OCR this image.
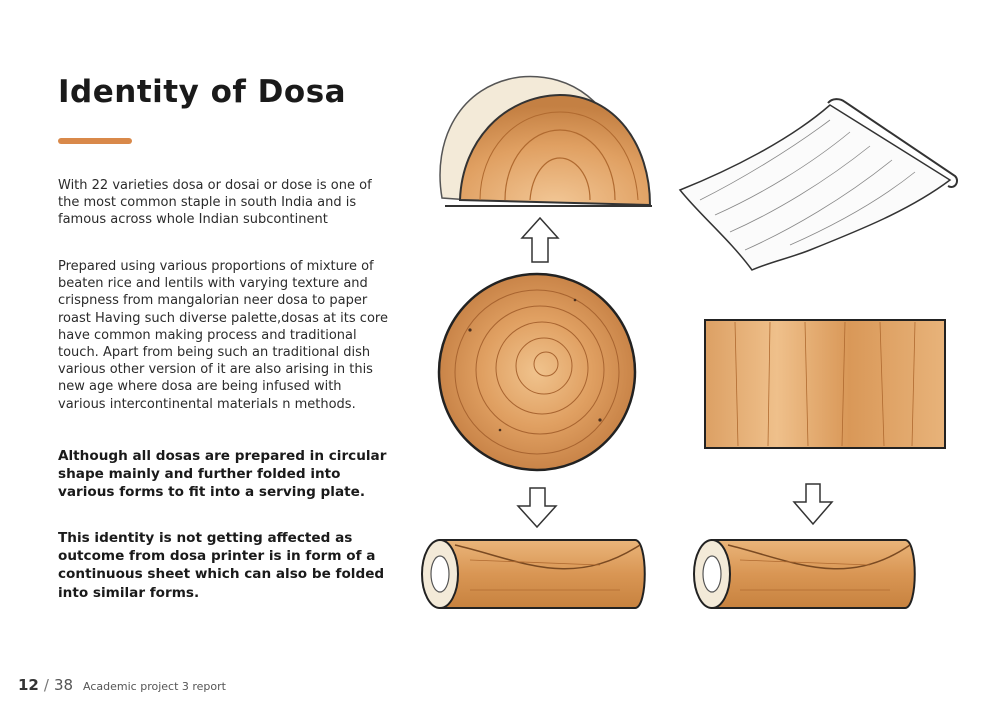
Identity of Dosa

With 22 varieties dosa or dosai or dose is one of the most common staple in south India and is famous across whole Indian subcontinent

Prepared using various proportions of mixture of beaten rice and lentils with varying texture and crispness from mangalorian neer dosa to paper roast Having such diverse palette,dosas at its core have common making process and traditional touch. Apart from being such an traditional dish various other version of it are also arising in this new age where dosa are being infused with various intercontinental materials n methods.

Although all dosas are prepared in circular shape mainly and further folded into various forms to fit into a serving plate.

This identity is not getting affected as outcome from dosa printer is in form of a continuous sheet which can also be folded into similar forms.

12 / 38 Academic project 3 report
